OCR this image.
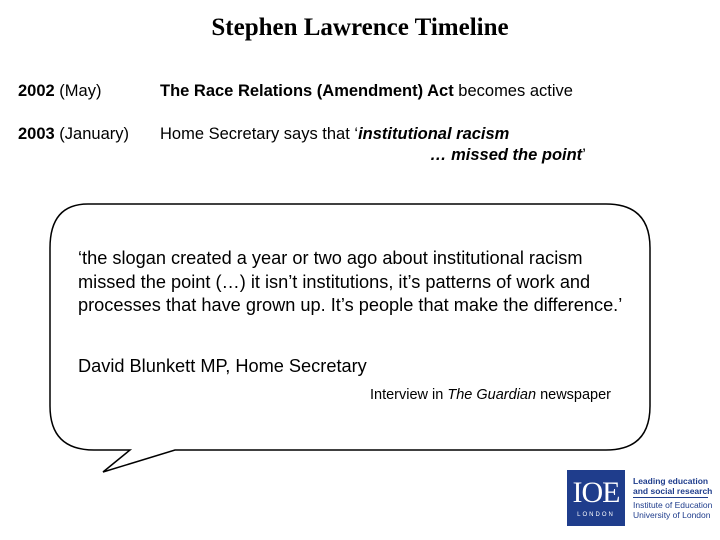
Stephen Lawrence Timeline
2002 (May)	The Race Relations (Amendment) Act becomes active
2003 (January) Home Secretary says that ‘institutional racism
… missed the point’
‘the slogan created a year or two ago about institutional racism missed the point (…) it isn’t institutions, it’s patterns of work and processes that have grown up. It’s people that make the difference.’
David Blunkett MP, Home Secretary
Interview in The Guardian newspaper
IOE
LONDON
Leading education
and social research
Institute of Education
University of London
